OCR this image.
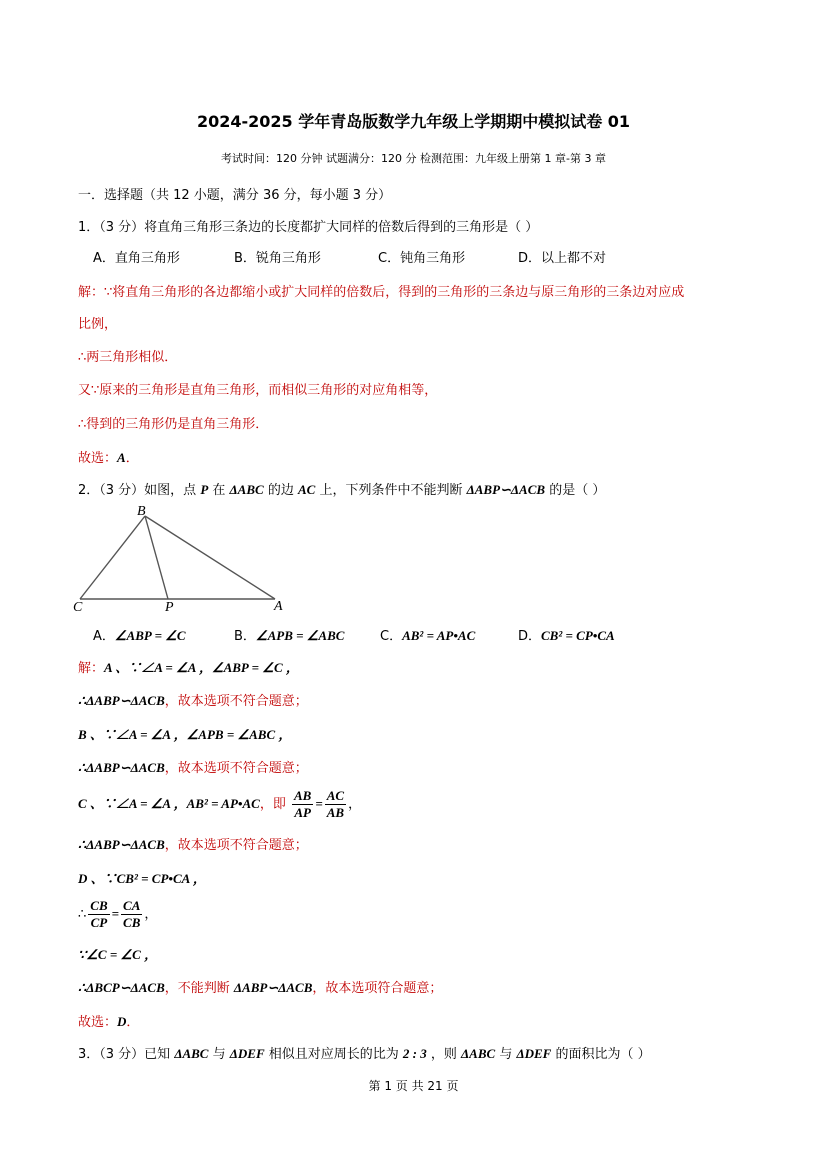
2024-2025 学年青岛版数学九年级上学期期中模拟试卷 01
考试时间：120 分钟 试题满分：120 分 检测范围：九年级上册第 1 章-第 3 章
一．选择题（共 12 小题，满分 36 分，每小题 3 分）
1．（3 分）将直角三角形三条边的长度都扩大同样的倍数后得到的三角形是（ ）
A．直角三角形	B．锐角三角形	C．钝角三角形	D．以上都不对
解：∵将直角三角形的各边都缩小或扩大同样的倍数后，得到的三角形的三条边与原三角形的三条边对应成
比例，
∴两三角形相似．
又∵原来的三角形是直角三角形，而相似三角形的对应角相等，
∴得到的三角形仍是直角三角形．
故选：A．
2．（3 分）如图，点 P 在 ΔABC 的边 AC 上，下列条件中不能判断 ΔABP∽ΔACB 的是（ ）
B
C	P	A
A．∠ABP = ∠C	B．∠APB = ∠ABC	C．AB² = AP•AC	D．CB² = CP•CA
解：A 、∵∠A = ∠A ，∠ABP = ∠C ，
∴ΔABP∽ΔACB，故本选项不符合题意；
B 、∵∠A = ∠A ，∠APB = ∠ABC ，
∴ΔABP∽ΔACB，故本选项不符合题意；
C 、∵∠A = ∠A ，AB² = AP•AC，即 $\frac{AB}{AP} = \frac{AC}{AB}$ ，
∴ΔABP∽ΔACB，故本选项不符合题意；
D 、∵CB² = CP•CA ，
∴ $\frac{CB}{CP} = \frac{CA}{CB}$ ，
∵∠C = ∠C ，
∴ΔBCP∽ΔACB，不能判断 ΔABP∽ΔACB，故本选项符合题意；
故选：D．
3．（3 分）已知 ΔABC 与 ΔDEF 相似且对应周长的比为 2 : 3 ，则 ΔABC 与 ΔDEF 的面积比为（ ）
第 1 页 共 21 页
